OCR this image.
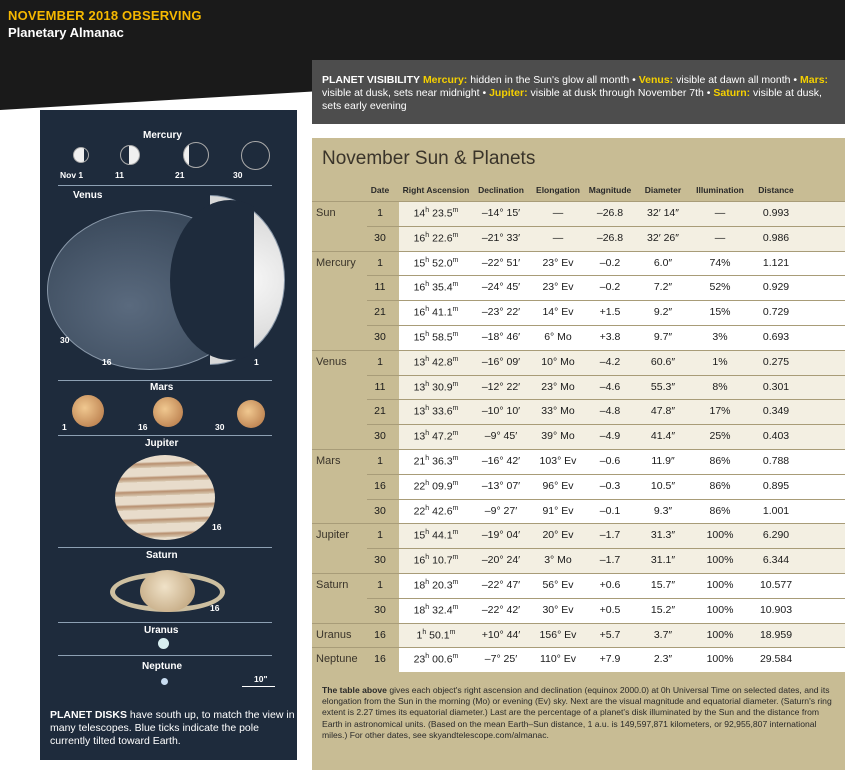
NOVEMBER 2018 OBSERVING
Planetary Almanac
PLANET VISIBILITY Mercury: hidden in the Sun's glow all month • Venus: visible at dawn all month • Mars: visible at dusk, sets near midnight • Jupiter: visible at dusk through November 7th • Saturn: visible at dusk, sets early evening
Mercury
Nov 1	11	21	30
Venus
30
16	1
Mars
1	16	30
Jupiter
16
Saturn
16
Uranus
Neptune
10"
PLANET DISKS have south up, to match the view in many telescopes. Blue ticks indicate the pole currently tilted toward Earth.
November Sun & Planets
Date Right Ascension	Declination	Elongation	Magnitude	Diameter	Illumination	Distance
Sun	1	14$^h$ 23.5$^m$	–14° 15′	—	–26.8	32′ 14″	—	0.993
30	16$^h$ 22.6$^m$	–21° 33′	—	–26.8	32′ 26″	—	0.986
Mercury	1	15$^h$ 52.0$^m$	–22° 51′	23° Ev	–0.2	6.0″	74%	1.121
11	16$^h$ 35.4$^m$	–24° 45′	23° Ev	–0.2	7.2″	52%	0.929
21	16$^h$ 41.1$^m$	–23° 22′	14° Ev	+1.5	9.2″	15%	0.729
30	15$^h$ 58.5$^m$	–18° 46′	6° Mo	+3.8	9.7″	3%	0.693
Venus	1	13$^h$ 42.8$^m$	–16° 09′	10° Mo	–4.2	60.6″	1%	0.275
11	13$^h$ 30.9$^m$	–12° 22′	23° Mo	–4.6	55.3″	8%	0.301
21	13$^h$ 33.6$^m$	–10° 10′	33° Mo	–4.8	47.8″	17%	0.349
30	13$^h$ 47.2$^m$	–9° 45′	39° Mo	–4.9	41.4″	25%	0.403
Mars	1	21$^h$ 36.3$^m$	–16° 42′	103° Ev	–0.6	11.9″	86%	0.788
16	22$^h$ 09.9$^m$	–13° 07′	96° Ev	–0.3	10.5″	86%	0.895
30	22$^h$ 42.6$^m$	–9° 27′	91° Ev	–0.1	9.3″	86%	1.001
Jupiter	1	15$^h$ 44.1$^m$	–19° 04′	20° Ev	–1.7	31.3″	100%	6.290
30	16$^h$ 10.7$^m$	–20° 24′	3° Mo	–1.7	31.1″	100%	6.344
Saturn	1	18$^h$ 20.3$^m$	–22° 47′	56° Ev	+0.6	15.7″	100%	10.577
30	18$^h$ 32.4$^m$	–22° 42′	30° Ev	+0.5	15.2″	100%	10.903
Uranus	16	1$^h$ $50.1^m$	+10° 44′	156° Ev	+5.7	3.7″	100%	18.959
Neptune	16	23$^h$ 00.6$^m$	–7° 25′	110° Ev	+7.9	2.3″	100%	29.584
The table above gives each object's right ascension and declination (equinox 2000.0) at 0h Universal Time on selected dates, and its elongation from the Sun in the morning (Mo) or evening (Ev) sky. Next are the visual magnitude and equatorial diameter. (Saturn's ring extent is 2.27 times its equatorial diameter.) Last are the percentage of a planet's disk illuminated by the Sun and the distance from Earth in astronomical units. (Based on the mean Earth–Sun distance, 1 a.u. is 149,597,871 kilometers, or 92,955,807 international miles.) For other dates, see skyandtelescope.com/almanac.
